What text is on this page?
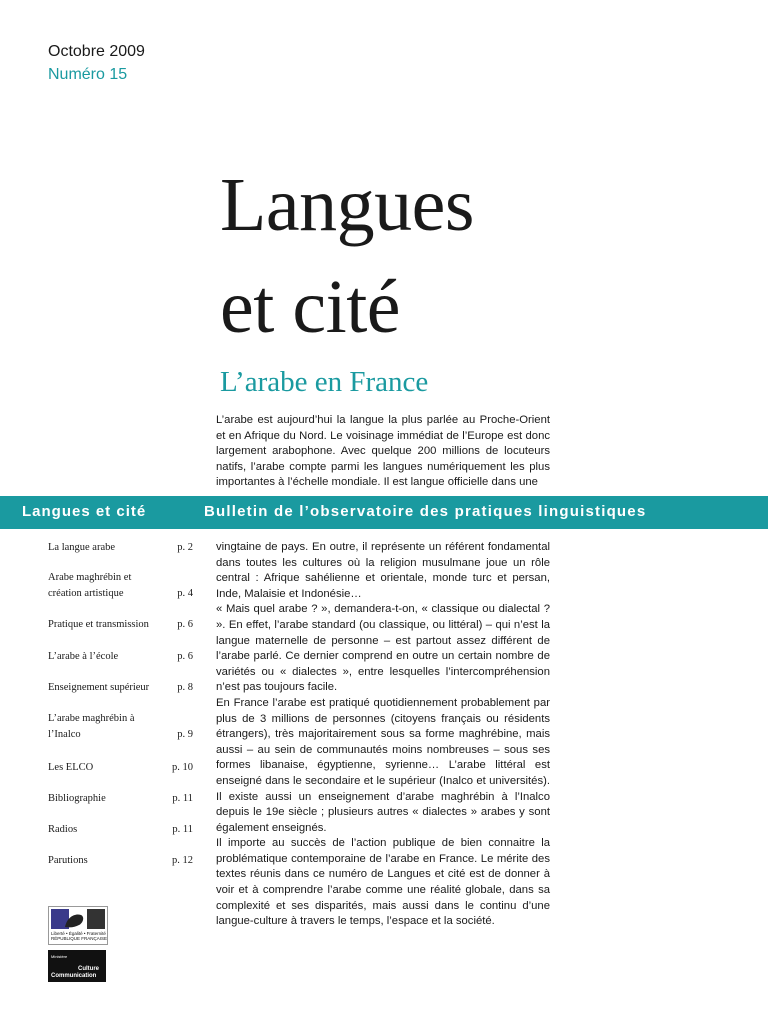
Octobre 2009
Numéro 15
Langues
et cité
L’arabe en France
L’arabe est aujourd’hui la langue la plus parlée au Proche-Orient et en Afrique du Nord. Le voisinage immédiat de l’Europe est donc largement arabophone. Avec quelque 200 millions de locuteurs natifs, l’arabe compte parmi les langues numériquement les plus importantes à l’échelle mondiale. Il est langue officielle dans une
Langues et cité	Bulletin de l’observatoire des pratiques linguistiques
La langue arabe	p. 2
Arabe maghrébin et création artistique	p. 4
Pratique et transmission	p. 6
L’arabe à l’école	p. 6
Enseignement supérieur	p. 8
L’arabe maghrébin à l’Inalco	p. 9
Les ELCO	p. 10
Bibliographie	p. 11
Radios	p. 11
Parutions	p. 12

vingtaine de pays. En outre, il représente un référent fondamental dans toutes les cultures où la religion musulmane joue un rôle central : Afrique sahélienne et orientale, monde turc et persan, Inde, Malaisie et Indonésie…

« Mais quel arabe ? », demandera-t-on, « classique ou dialectal ? ». En effet, l’arabe standard (ou classique, ou littéral) – qui n’est la langue maternelle de personne – est partout assez différent de l’arabe parlé. Ce dernier comprend en outre un certain nombre de variétés ou « dialectes », entre lesquelles l’intercompréhension n’est pas toujours facile.

En France l’arabe est pratiqué quotidiennement probablement par plus de 3 millions de personnes (citoyens français ou résidents étrangers), très majoritairement sous sa forme maghrébine, mais aussi – au sein de communautés moins nombreuses – sous ses formes libanaise, égyptienne, syrienne… L’arabe littéral est enseigné dans le secondaire et le supérieur (Inalco et universités). Il existe aussi un enseignement d’arabe maghrébin à l’Inalco depuis le 19e siècle ; plusieurs autres « dialectes » arabes y sont également enseignés.

Il importe au succès de l’action publique de bien connaitre la problématique contemporaine de l’arabe en France. Le mérite des textes réunis dans ce numéro de Langues et cité est de donner à voir et à comprendre l’arabe comme une réalité globale, dans sa complexité et ses disparités, mais aussi dans le continu d’une langue-culture à travers le temps, l’espace et la société.

Liberté • Égalité • Fraternité RÉPUBLIQUE FRANÇAISE
Ministère
Culture
Communication
